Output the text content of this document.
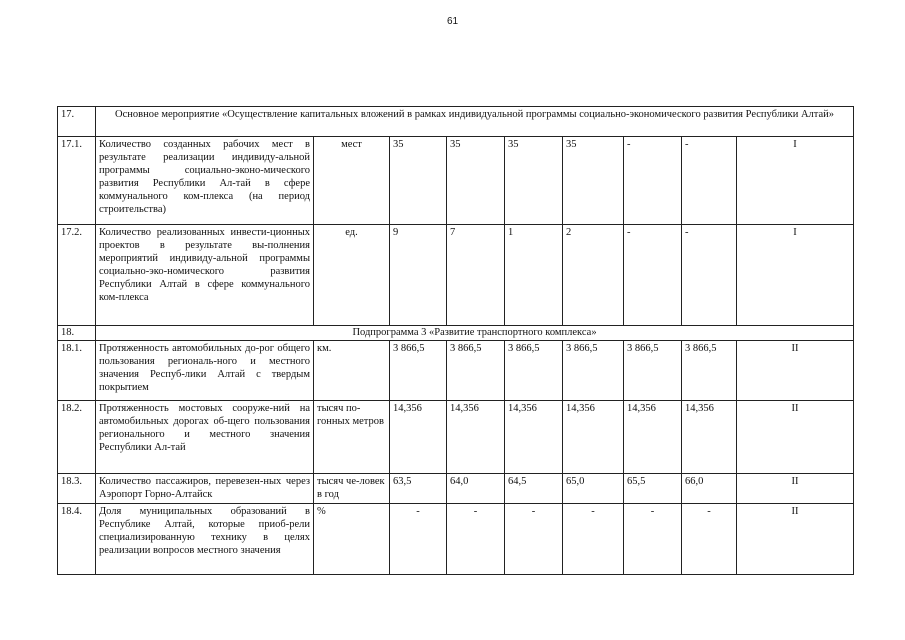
61
17.	Основное мероприятие «Осуществление капитальных вложений в рамках индивидуальной программы социально-экономического развития Республики Алтай»								
17.1.	Количество созданных рабочих мест в результате реализации индивиду-альной программы социально-эконо-мического развития Республики Ал-тай в сфере коммунального ком-плекса (на период строительства)	мест	35	35	35	35	-	-	I
17.2.	Количество реализованных инвести-ционных проектов в результате вы-полнения мероприятий индивиду-альной программы социально-эко-номического развития Республики Алтай в сфере коммунального ком-плекса	ед.	9	7	1	2	-	-	I
18.	Подпрограмма 3 «Развитие транспортного комплекса»								
18.1.	Протяженность автомобильных до-рог общего пользования региональ-ного и местного значения Респуб-лики Алтай с твердым покрытием	км.	3 866,5	3 866,5	3 866,5	3 866,5	3 866,5	3 866,5	II
18.2.	Протяженность мостовых сооруже-ний на автомобильных дорогах об-щего пользования регионального и местного значения Республики Ал-тай	тысяч по-гонных метров	14,356	14,356	14,356	14,356	14,356	14,356	II
18.3.	Количество пассажиров, перевезен-ных через Аэропорт Горно-Алтайск	тысяч че-ловек в год	63,5	64,0	64,5	65,0	65,5	66,0	II
18.4.	Доля муниципальных образований в Республике Алтай, которые приоб-рели специализированную технику в целях реализации вопросов местного значения	%	-	-	-	-	-	-	II
